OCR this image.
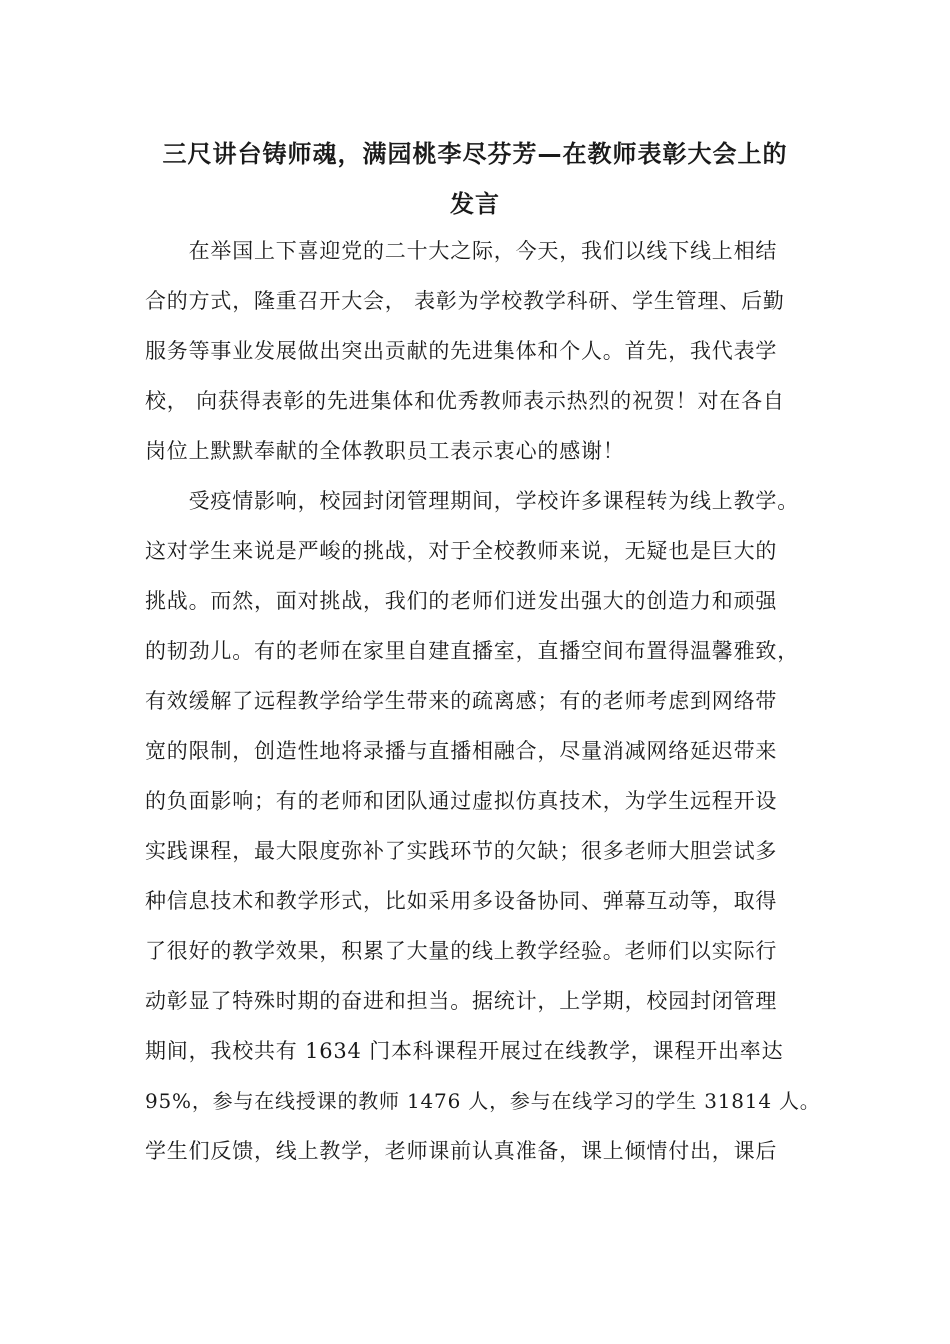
三尺讲台铸师魂，满园桃李尽芬芳—在教师表彰大会上的
发言
　　在举国上下喜迎党的二十大之际，今天，我们以线下线上相结
合的方式，隆重召开大会， 表彰为学校教学科研、学生管理、后勤
服务等事业发展做出突出贡献的先进集体和个人。首先，我代表学
校， 向获得表彰的先进集体和优秀教师表示热烈的祝贺！对在各自
岗位上默默奉献的全体教职员工表示衷心的感谢！
　　受疫情影响，校园封闭管理期间，学校许多课程转为线上教学。
这对学生来说是严峻的挑战，对于全校教师来说，无疑也是巨大的
挑战。而然，面对挑战，我们的老师们迸发出强大的创造力和顽强
的韧劲儿。有的老师在家里自建直播室，直播空间布置得温馨雅致，
有效缓解了远程教学给学生带来的疏离感；有的老师考虑到网络带
宽的限制，创造性地将录播与直播相融合，尽量消减网络延迟带来
的负面影响；有的老师和团队通过虚拟仿真技术，为学生远程开设
实践课程，最大限度弥补了实践环节的欠缺；很多老师大胆尝试多
种信息技术和教学形式，比如采用多设备协同、弹幕互动等，取得
了很好的教学效果，积累了大量的线上教学经验。老师们以实际行
动彰显了特殊时期的奋进和担当。据统计，上学期，校园封闭管理
期间，我校共有 1634 门本科课程开展过在线教学，课程开出率达
95%，参与在线授课的教师 1476 人，参与在线学习的学生 31814 人。
学生们反馈，线上教学，老师课前认真准备，课上倾情付出，课后
